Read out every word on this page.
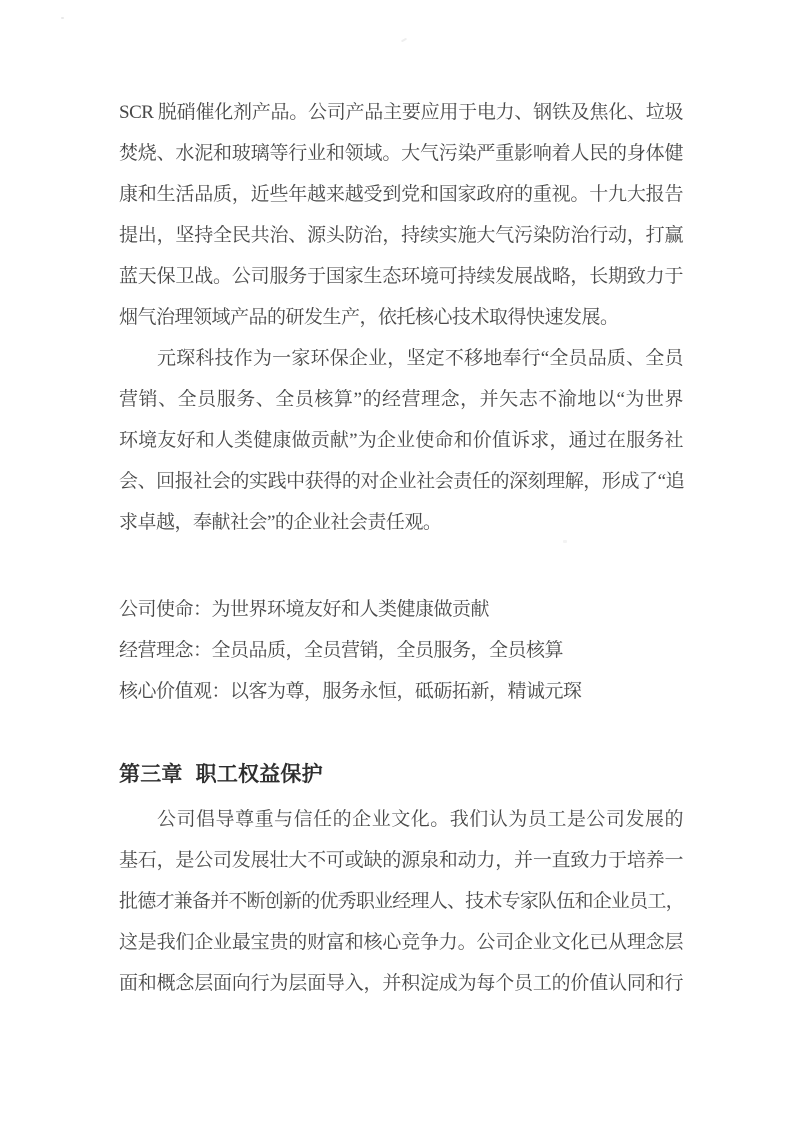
SCR 脱硝催化剂产品。公司产品主要应用于电力、钢铁及焦化、垃圾
焚烧、水泥和玻璃等行业和领域。大气污染严重影响着人民的身体健
康和生活品质，近些年越来越受到党和国家政府的重视。十九大报告
提出，坚持全民共治、源头防治，持续实施大气污染防治行动，打赢
蓝天保卫战。公司服务于国家生态环境可持续发展战略，长期致力于
烟气治理领域产品的研发生产，依托核心技术取得快速发展。
元琛科技作为一家环保企业，坚定不移地奉行“全员品质、全员
营销、全员服务、全员核算”的经营理念，并矢志不渝地以“为世界
环境友好和人类健康做贡献”为企业使命和价值诉求，通过在服务社
会、回报社会的实践中获得的对企业社会责任的深刻理解，形成了“追
求卓越，奉献社会”的企业社会责任观。
公司使命：为世界环境友好和人类健康做贡献
经营理念：全员品质，全员营销，全员服务，全员核算
核心价值观：以客为尊，服务永恒，砥砺拓新，精诚元琛
第三章 职工权益保护
公司倡导尊重与信任的企业文化。我们认为员工是公司发展的
基石，是公司发展壮大不可或缺的源泉和动力，并一直致力于培养一
批德才兼备并不断创新的优秀职业经理人、技术专家队伍和企业员工，
这是我们企业最宝贵的财富和核心竞争力。公司企业文化已从理念层
面和概念层面向行为层面导入，并积淀成为每个员工的价值认同和行
